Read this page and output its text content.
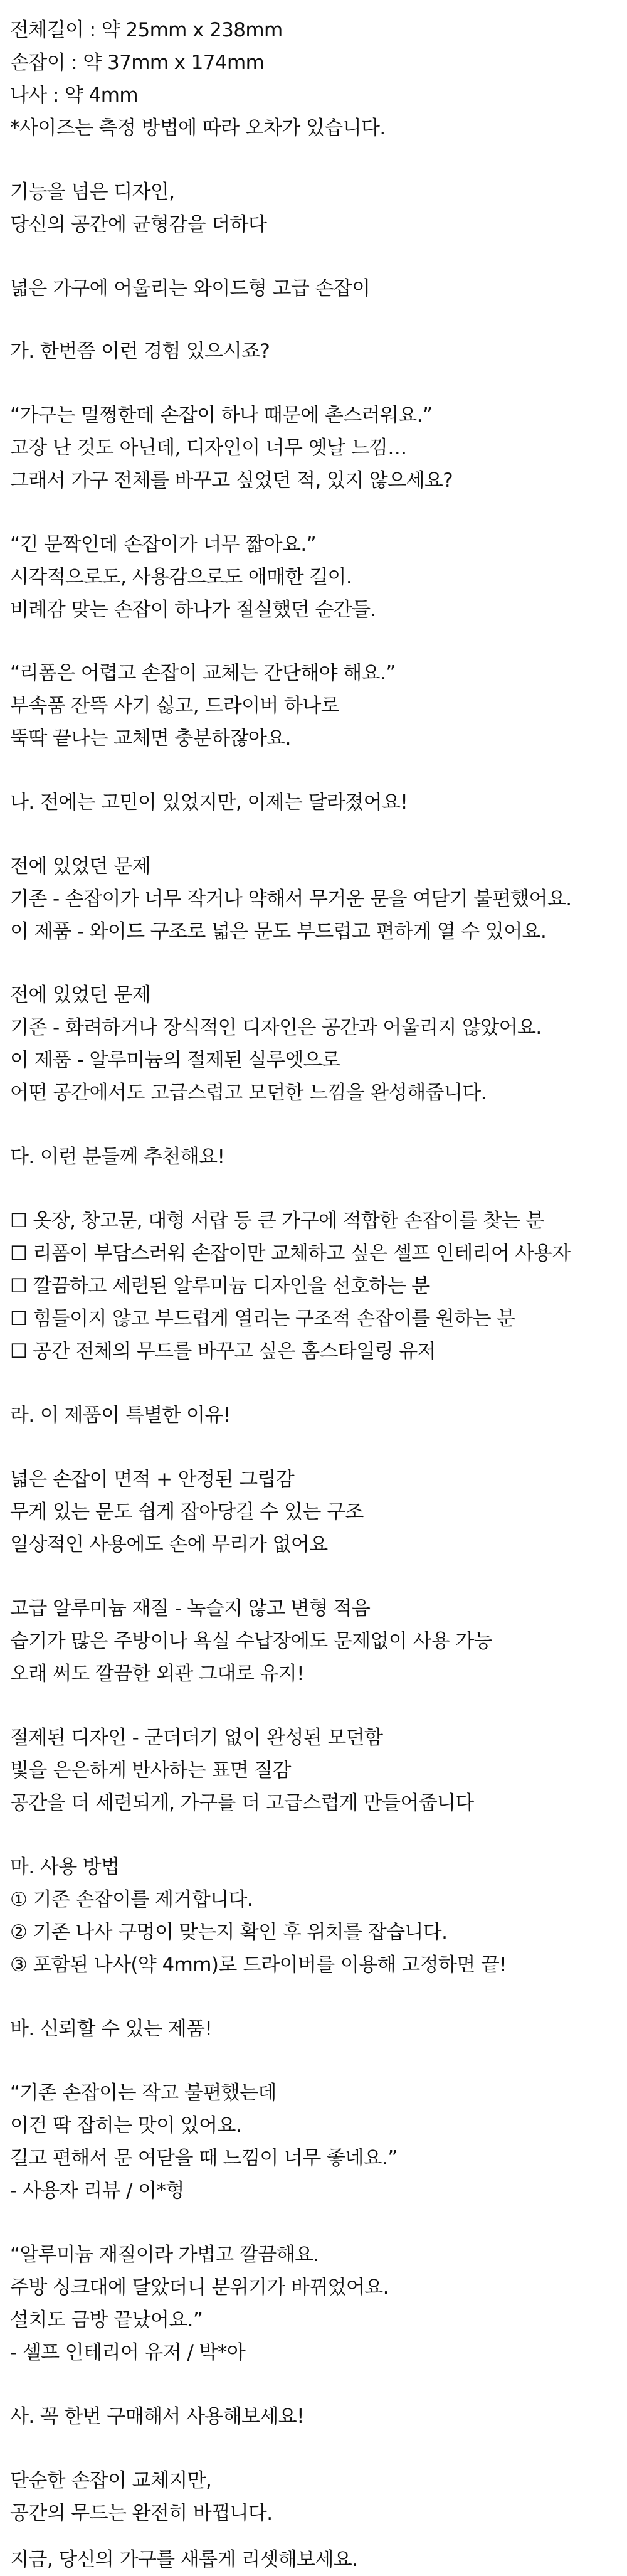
전체길이 : 약 25mm x 238mm

손잡이 : 약 37mm x 174mm

나사 : 약 4mm

*사이즈는 측정 방법에 따라 오차가 있습니다.

기능을 넘은 디자인,

당신의 공간에 균형감을 더하다

넓은 가구에 어울리는 와이드형 고급 손잡이

가. 한번쯤 이런 경험 있으시죠?

“가구는 멀쩡한데 손잡이 하나 때문에 촌스러워요.”

고장 난 것도 아닌데, 디자인이 너무 옛날 느낌…

그래서 가구 전체를 바꾸고 싶었던 적, 있지 않으세요?

“긴 문짝인데 손잡이가 너무 짧아요.”

시각적으로도, 사용감으로도 애매한 길이.

비례감 맞는 손잡이 하나가 절실했던 순간들.

“리폼은 어렵고 손잡이 교체는 간단해야 해요.”

부속품 잔뜩 사기 싫고, 드라이버 하나로

뚝딱 끝나는 교체면 충분하잖아요.

나. 전에는 고민이 있었지만, 이제는 달라졌어요!

전에 있었던 문제

기존 - 손잡이가 너무 작거나 약해서 무거운 문을 여닫기 불편했어요.

이 제품 - 와이드 구조로 넓은 문도 부드럽고 편하게 열 수 있어요.

전에 있었던 문제

기존 - 화려하거나 장식적인 디자인은 공간과 어울리지 않았어요.

이 제품 - 알루미늄의 절제된 실루엣으로

어떤 공간에서도 고급스럽고 모던한 느낌을 완성해줍니다.

다. 이런 분들께 추천해요!

☐ 옷장, 창고문, 대형 서랍 등 큰 가구에 적합한 손잡이를 찾는 분

☐ 리폼이 부담스러워 손잡이만 교체하고 싶은 셀프 인테리어 사용자

☐ 깔끔하고 세련된 알루미늄 디자인을 선호하는 분

☐ 힘들이지 않고 부드럽게 열리는 구조적 손잡이를 원하는 분

☐ 공간 전체의 무드를 바꾸고 싶은 홈스타일링 유저

라. 이 제품이 특별한 이유!

넓은 손잡이 면적 + 안정된 그립감

무게 있는 문도 쉽게 잡아당길 수 있는 구조

일상적인 사용에도 손에 무리가 없어요

고급 알루미늄 재질 - 녹슬지 않고 변형 적음

습기가 많은 주방이나 욕실 수납장에도 문제없이 사용 가능

오래 써도 깔끔한 외관 그대로 유지!

절제된 디자인 - 군더더기 없이 완성된 모던함

빛을 은은하게 반사하는 표면 질감

공간을 더 세련되게, 가구를 더 고급스럽게 만들어줍니다

마. 사용 방법

① 기존 손잡이를 제거합니다.

② 기존 나사 구멍이 맞는지 확인 후 위치를 잡습니다.

③ 포함된 나사(약 4mm)로 드라이버를 이용해 고정하면 끝!

바. 신뢰할 수 있는 제품!

“기존 손잡이는 작고 불편했는데

이건 딱 잡히는 맛이 있어요.

길고 편해서 문 여닫을 때 느낌이 너무 좋네요.”

- 사용자 리뷰 / 이*형

“알루미늄 재질이라 가볍고 깔끔해요.

주방 싱크대에 달았더니 분위기가 바뀌었어요.

설치도 금방 끝났어요.”

- 셀프 인테리어 유저 / 박*아

사. 꼭 한번 구매해서 사용해보세요!

단순한 손잡이 교체지만,

공간의 무드는 완전히 바뀝니다.

지금, 당신의 가구를 새롭게 리셋해보세요.
